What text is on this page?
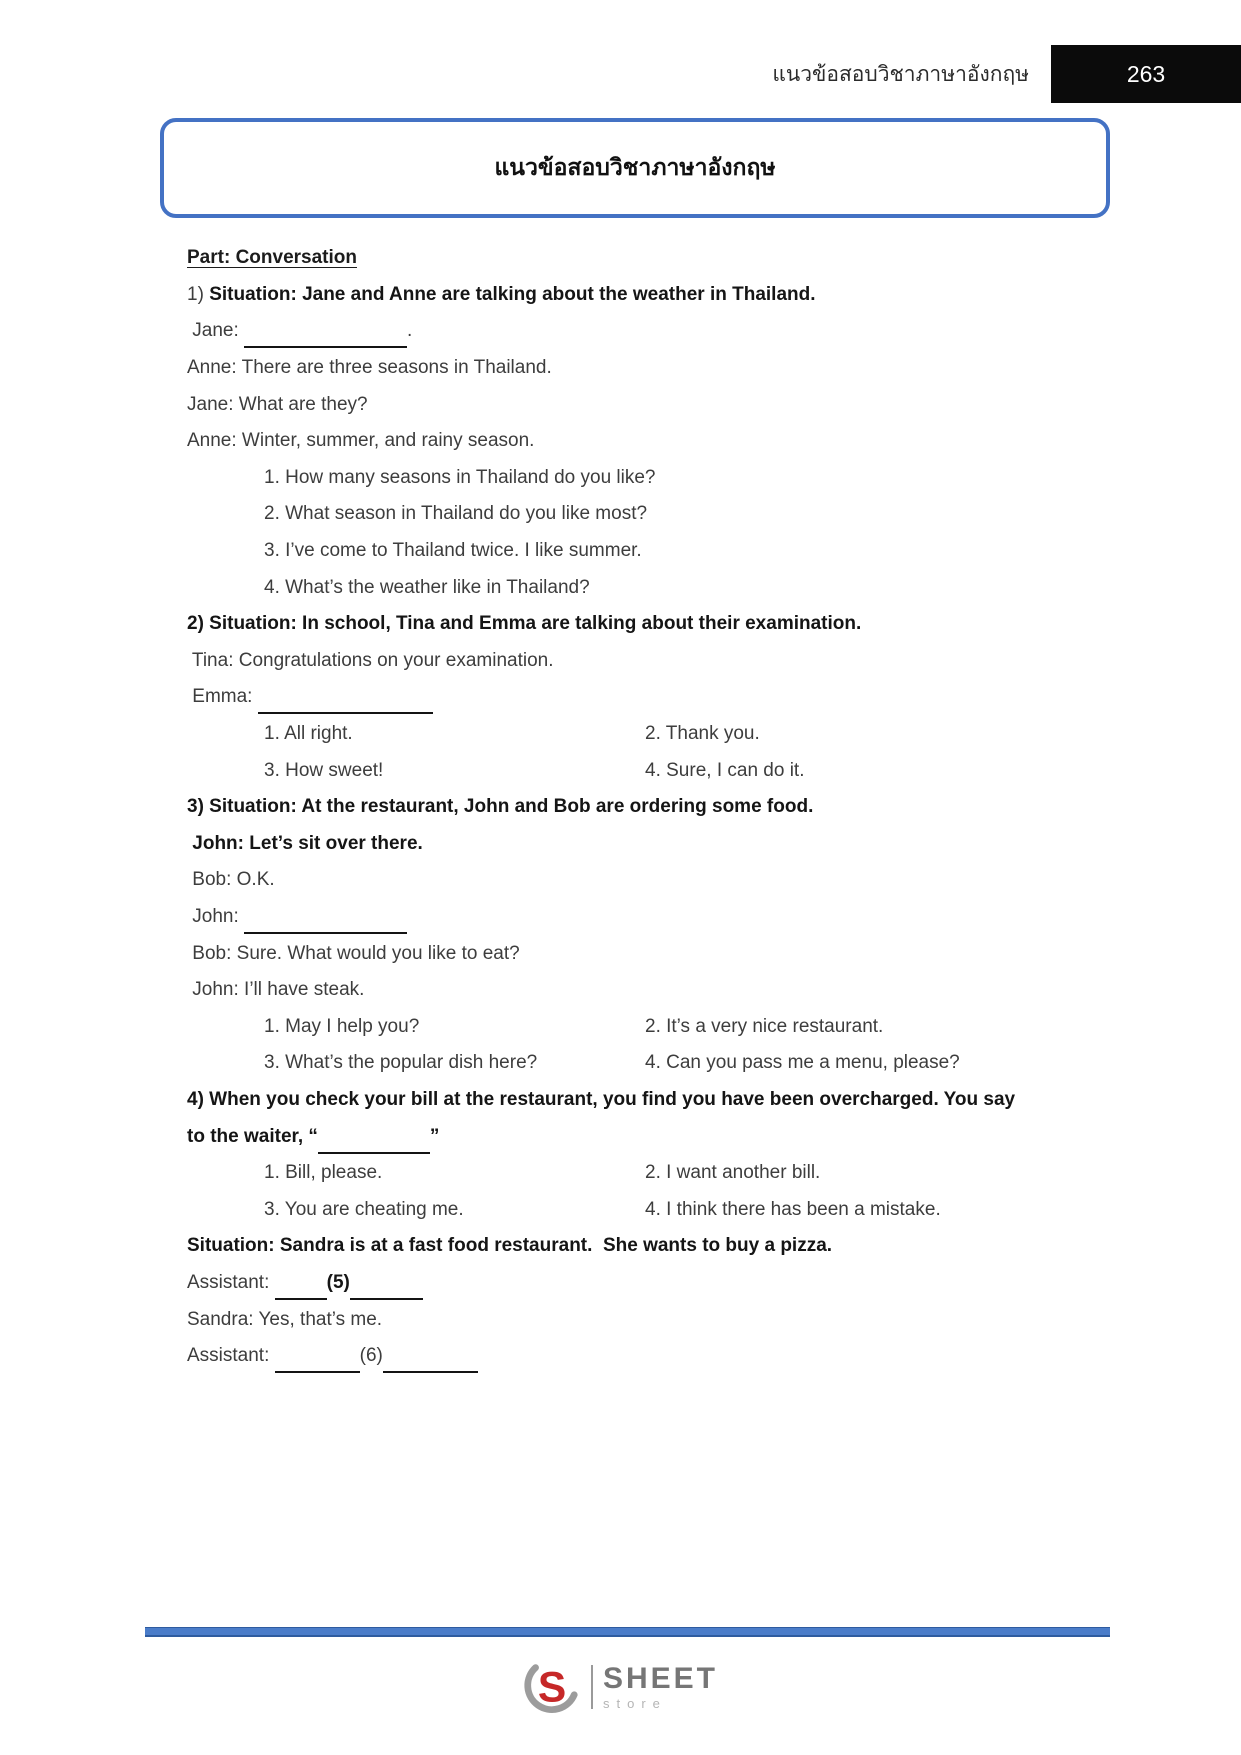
แนวข้อสอบวิชาภาษาอังกฤษ	263
แนวข้อสอบวิชาภาษาอังกฤษ
Part: Conversation
1) Situation: Jane and Anne are talking about the weather in Thailand.
Jane:	.
Anne: There are three seasons in Thailand.
Jane: What are they?
Anne: Winter, summer, and rainy season.
1. How many seasons in Thailand do you like?
2. What season in Thailand do you like most?
3. I’ve come to Thailand twice. I like summer.
4. What’s the weather like in Thailand?
2) Situation: In school, Tina and Emma are talking about their examination.
Tina: Congratulations on your examination.
Emma:
1. All right.	2. Thank you.
3. How sweet!	4. Sure, I can do it.
3) Situation: At the restaurant, John and Bob are ordering some food.
John: Let’s sit over there.
Bob: O.K.
John:
Bob: Sure. What would you like to eat?
John: I’ll have steak.
1. May I help you?	2. It’s a very nice restaurant.
3. What’s the popular dish here?	4. Can you pass me a menu, please?
4) When you check your bill at the restaurant, you find you have been overcharged. You say
to the waiter, “	”
1. Bill, please.	2. I want another bill.
3. You are cheating me.	4. I think there has been a mistake.
Situation: Sandra is at a fast food restaurant.  She wants to buy a pizza.
Assistant:	(5)
Sandra: Yes, that’s me.
Assistant:	(6)
S SHEET
store
